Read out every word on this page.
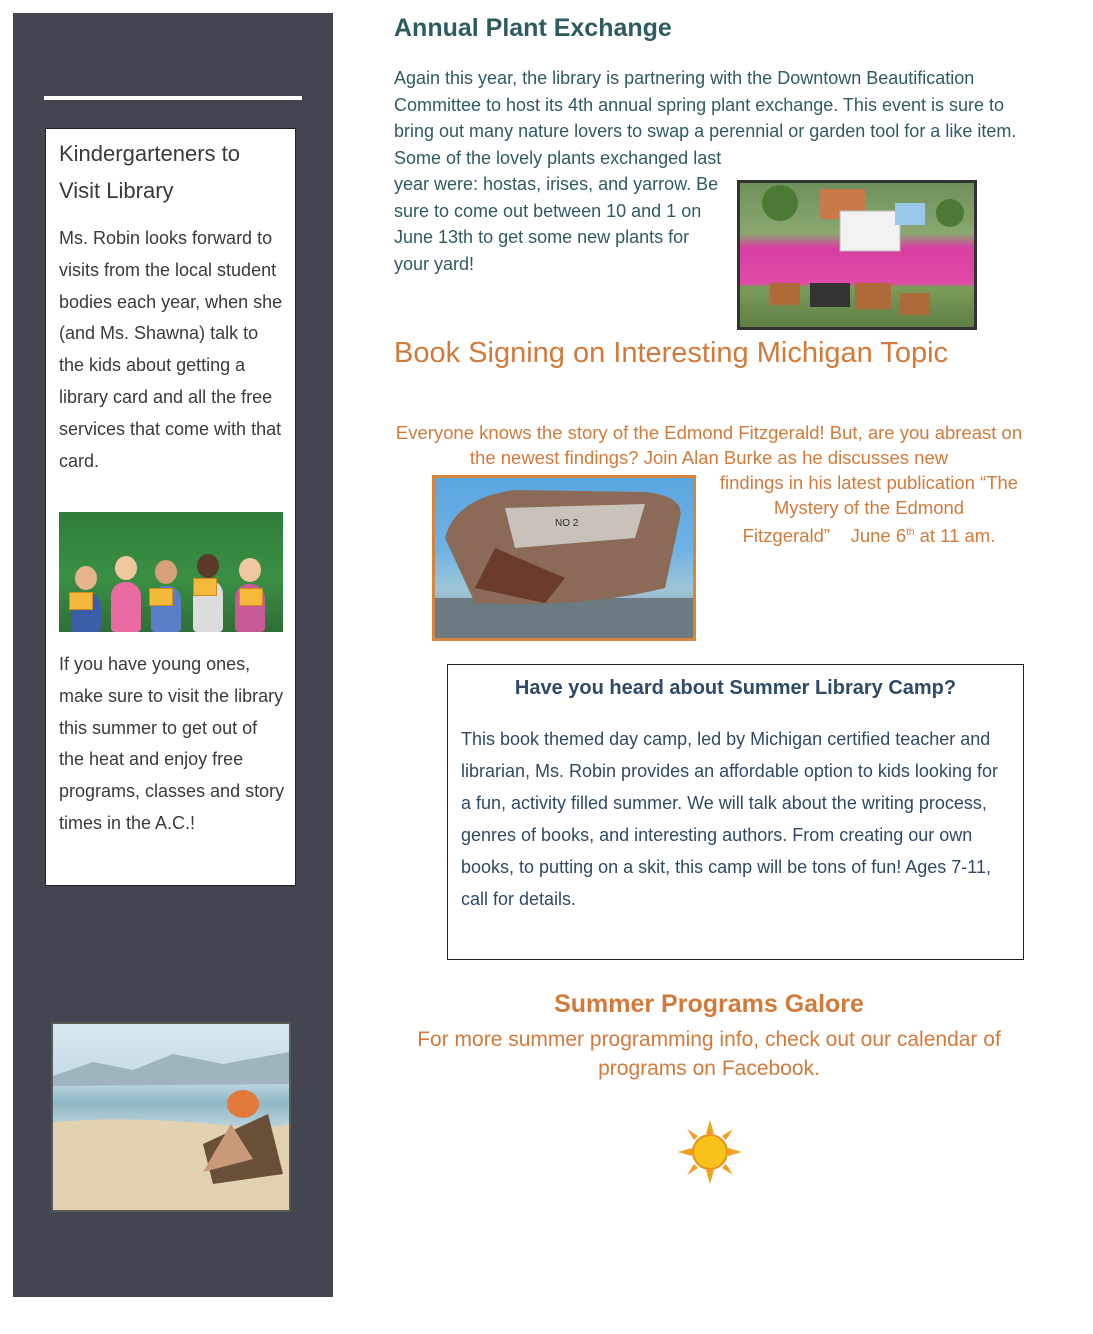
Kindergarteners to Visit Library

Ms. Robin looks forward to visits from the local student bodies each year, when she (and Ms. Shawna) talk to the kids about getting a library card and all the free services that come with that card.

If you have young ones, make sure to visit the library this summer to get out of the heat and enjoy free programs, classes and story times in the A.C.!

Annual Plant Exchange

Again this year, the library is partnering with the Downtown Beautification Committee to host its 4th annual spring plant exchange. This event is sure to bring out many nature lovers to swap a perennial or garden tool for a like item. Some of the lovely plants exchanged last

year were: hostas, irises, and yarrow. Be sure to come out between 10 and 1 on June 13th to get some new plants for your yard!

Book Signing on Interesting Michigan Topic

Everyone knows the story of the Edmond Fitzgerald! But, are you abreast on the newest findings? Join Alan Burke as he discusses new

findings in his latest publication “The Mystery of the Edmond Fitzgerald” June 6th at 11 am.

NO 2
Have you heard about Summer Library Camp?

This book themed day camp, led by Michigan certified teacher and librarian, Ms. Robin provides an affordable option to kids looking for a fun, activity filled summer. We will talk about the writing process, genres of books, and interesting authors. From creating our own books, to putting on a skit, this camp will be tons of fun! Ages 7-11, call for details.

Summer Programs Galore

For more summer programming info, check out our calendar of programs on Facebook.
